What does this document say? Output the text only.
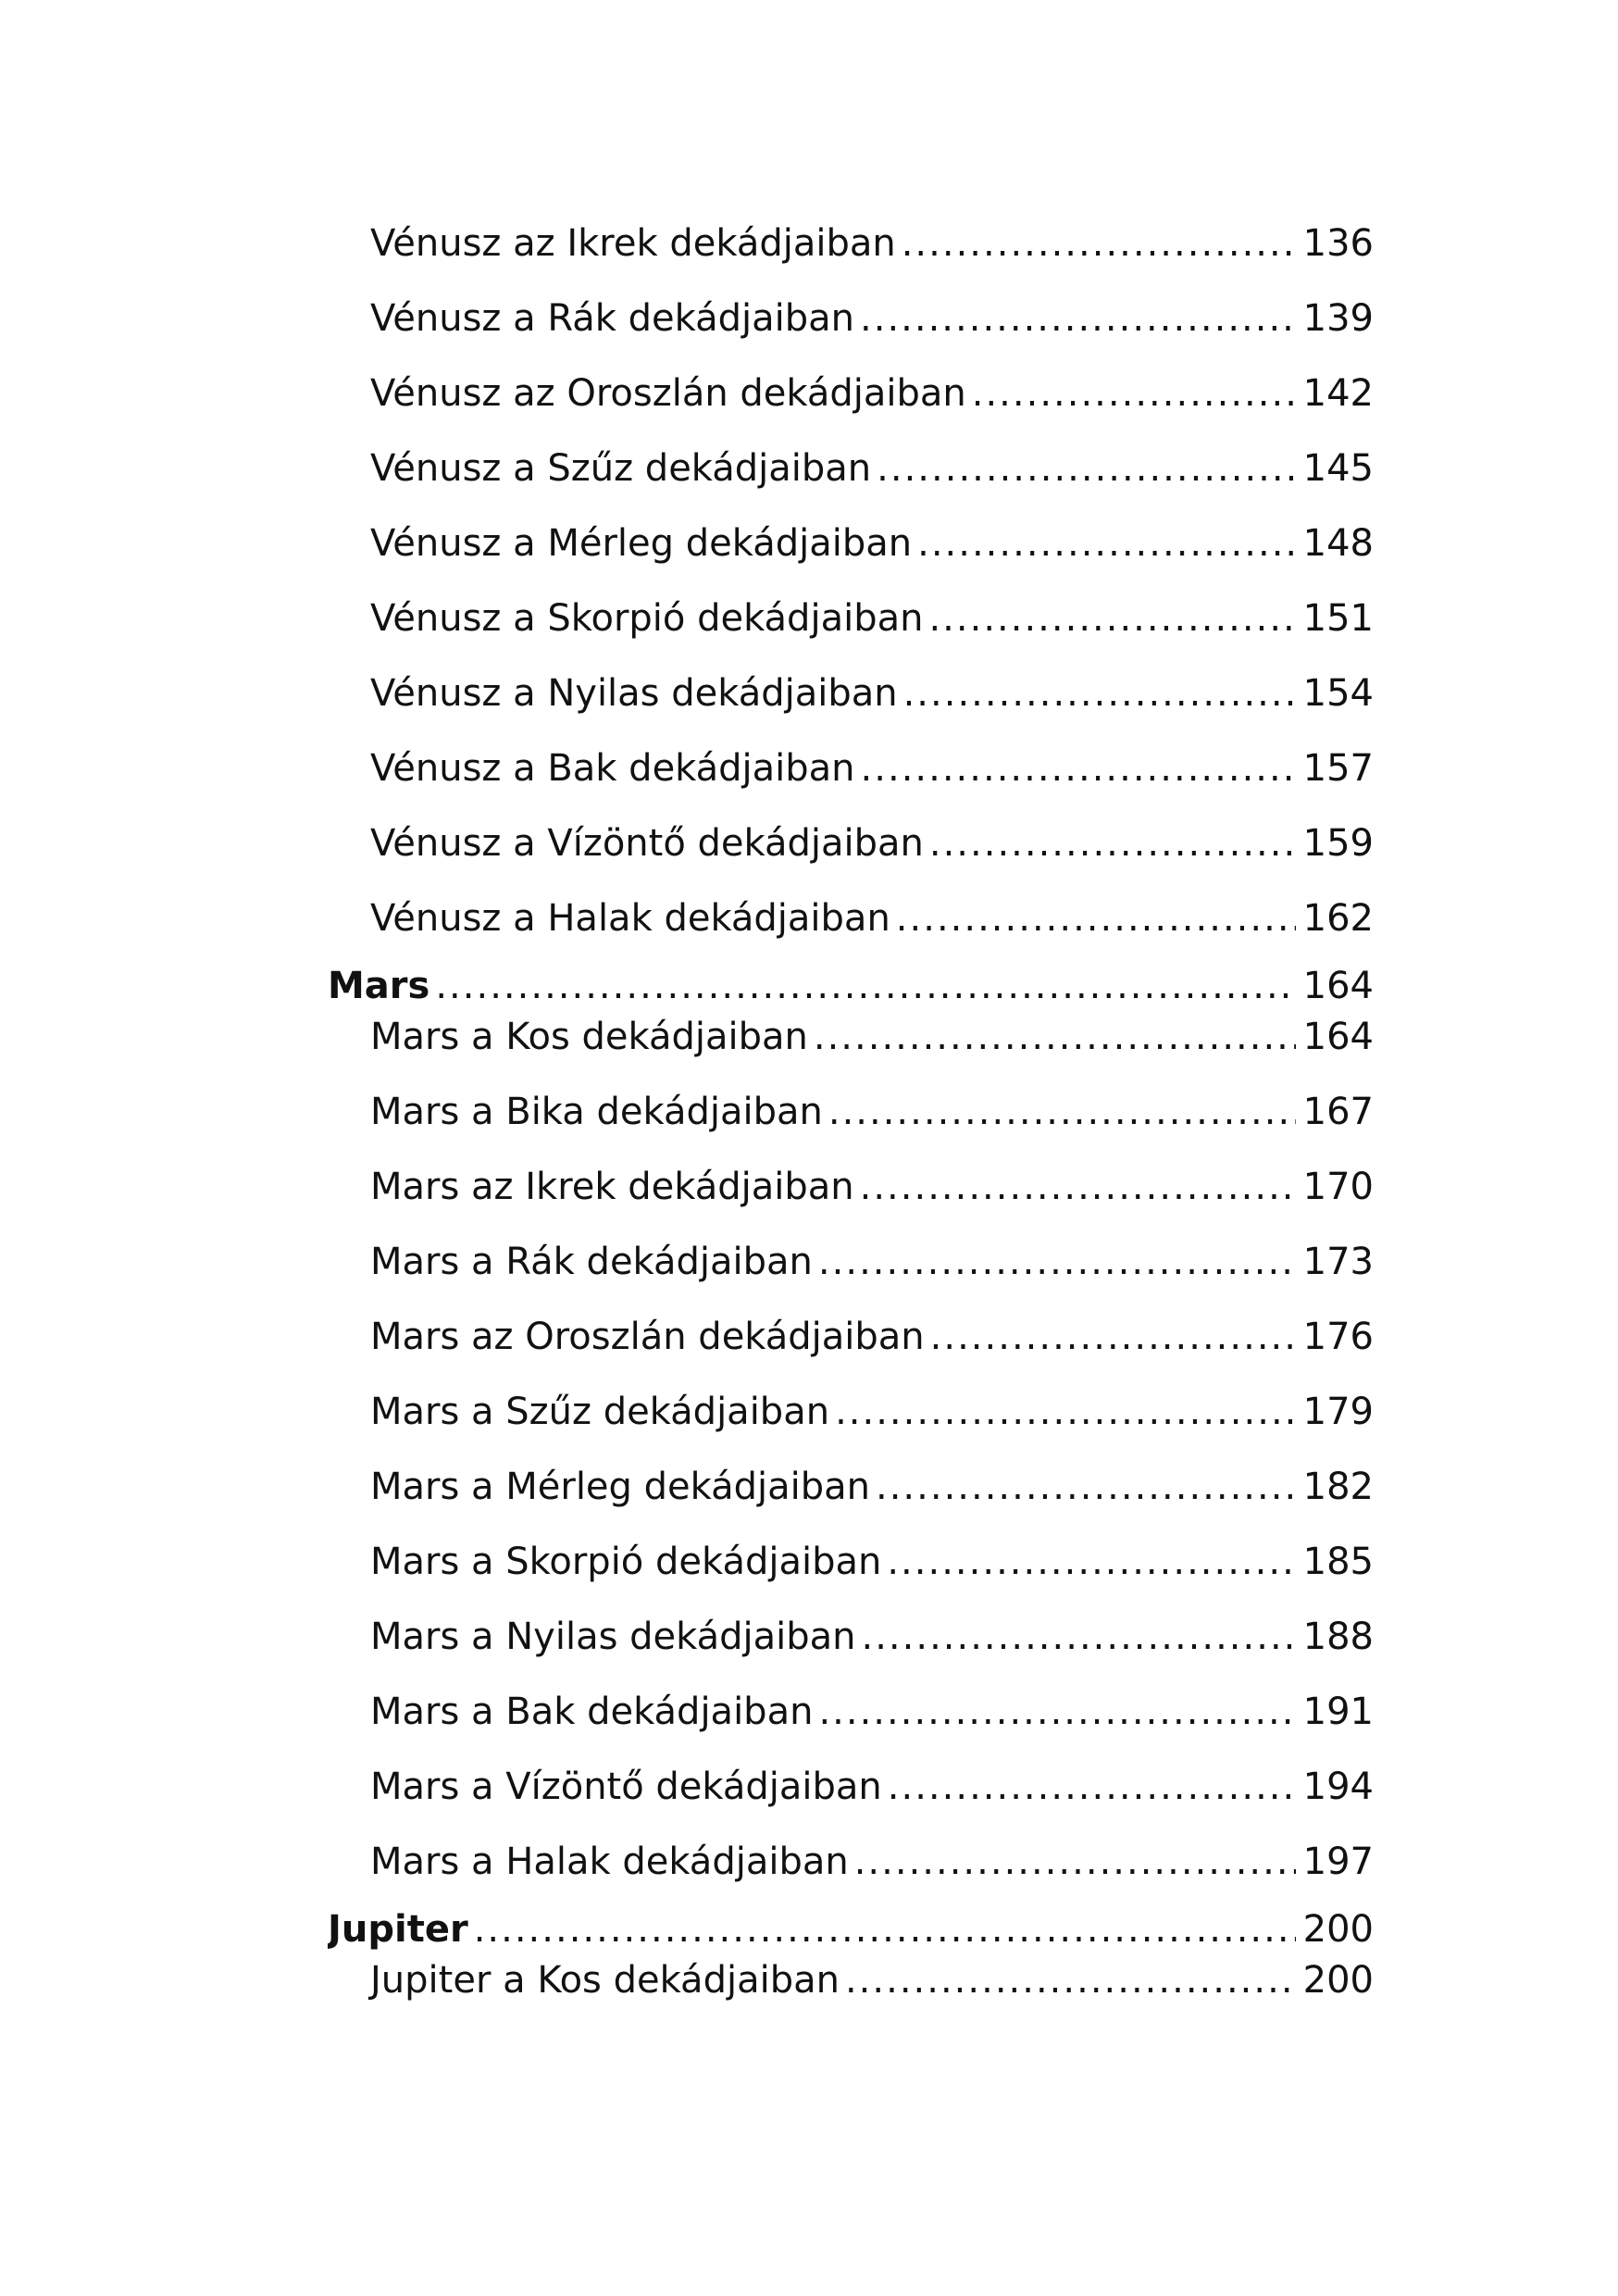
Vénusz az Ikrek dekádjaiban .....	136
Vénusz a Rák dekádjaiban .....	139
Vénusz az Oroszlán dekádjaiban .....	142
Vénusz a Szűz dekádjaiban .....	145
Vénusz a Mérleg dekádjaiban .....	148
Vénusz a Skorpió dekádjaiban .....	151
Vénusz a Nyilas dekádjaiban .....	154
Vénusz a Bak dekádjaiban .....	157
Vénusz a Vízöntő dekádjaiban .....	159
Vénusz a Halak dekádjaiban .....	162
Mars .....	164
Mars a Kos dekádjaiban .....	164
Mars a Bika dekádjaiban .....	167
Mars az Ikrek dekádjaiban .....	170
Mars a Rák dekádjaiban .....	173
Mars az Oroszlán dekádjaiban .....	176
Mars a Szűz dekádjaiban .....	179
Mars a Mérleg dekádjaiban .....	182
Mars a Skorpió dekádjaiban .....	185
Mars a Nyilas dekádjaiban .....	188
Mars a Bak dekádjaiban .....	191
Mars a Vízöntő dekádjaiban .....	194
Mars a Halak dekádjaiban .....	197
Jupiter .....	200
Jupiter a Kos dekádjaiban .....	200
